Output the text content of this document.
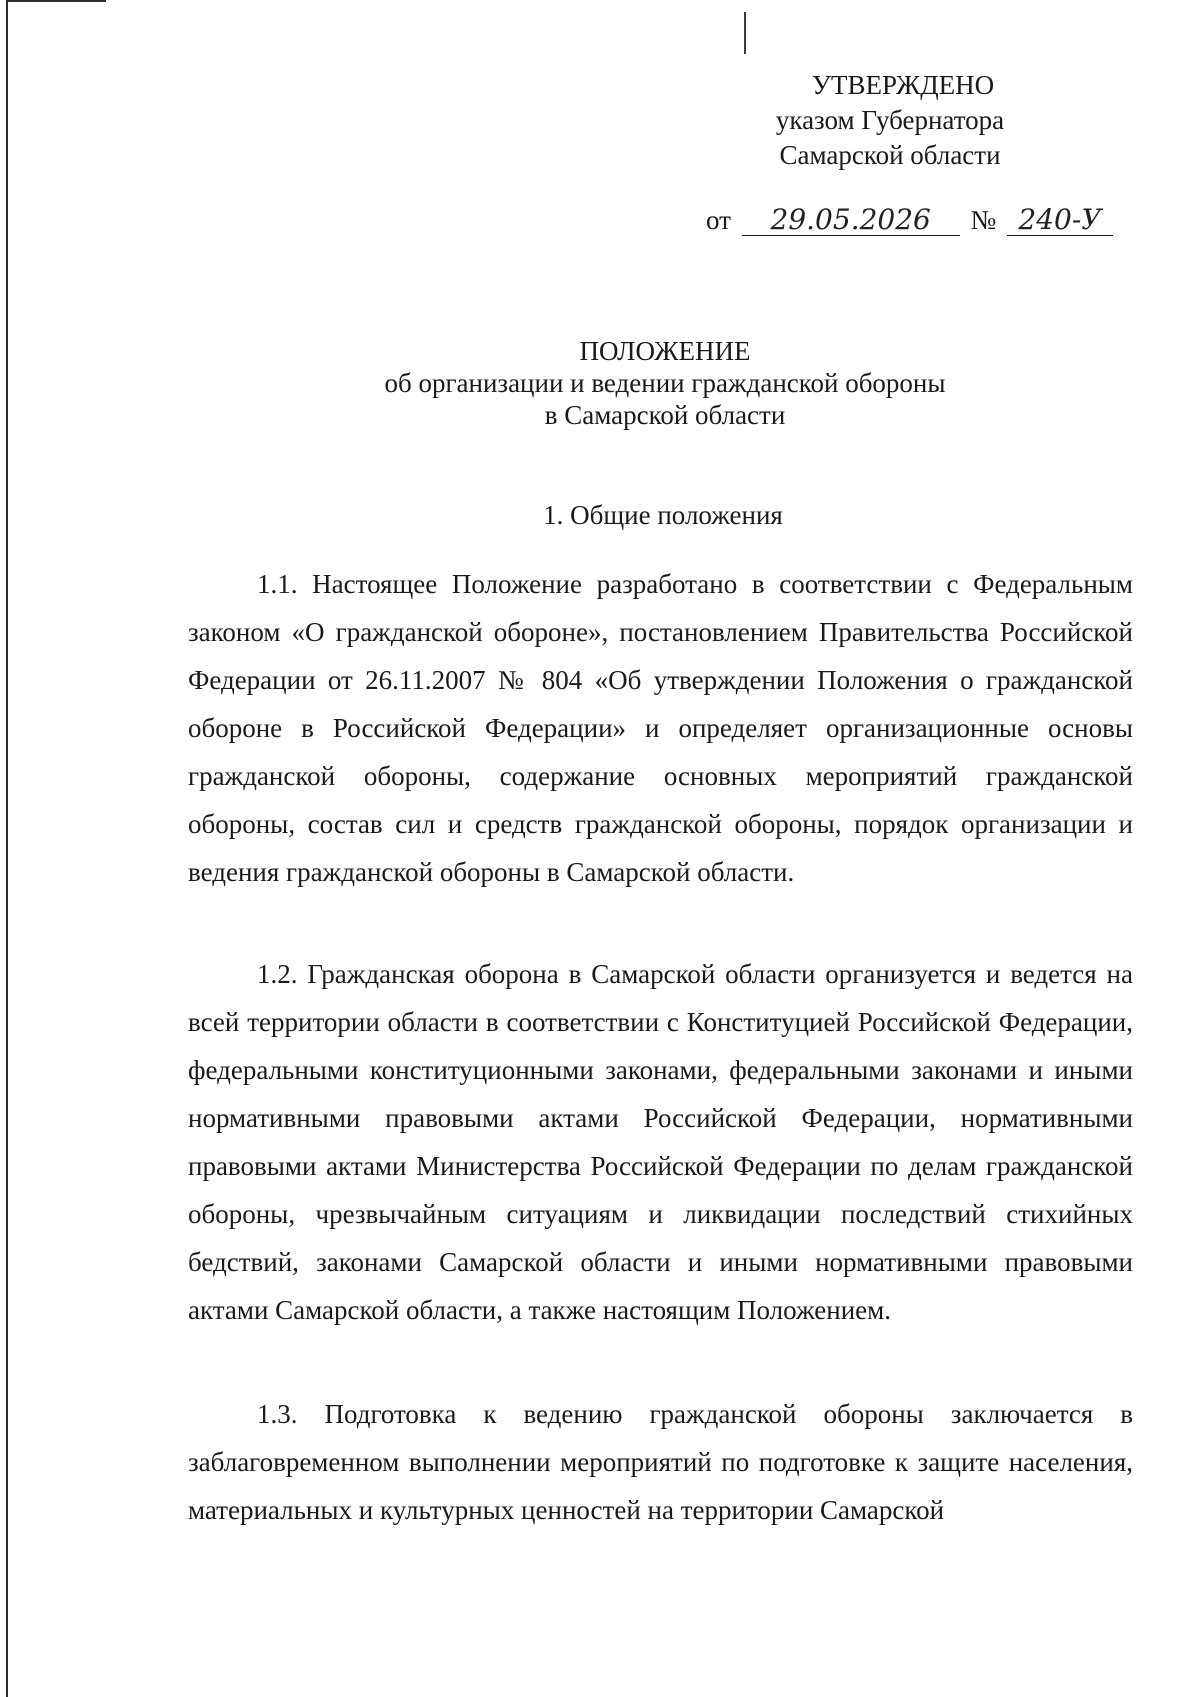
УТВЕРЖДЕНО
указом Губернатора
Самарской области
от 29.05.2026 № 240-У
ПОЛОЖЕНИЕ
об организации и ведении гражданской обороны
в Самарской области
1. Общие положения
1.1. Настоящее Положение разработано в соответствии с Федеральным законом «О гражданской обороне», постановлением Правительства Российской Федерации от 26.11.2007 № 804 «Об утверждении Положения о гражданской обороне в Российской Федерации» и определяет организационные основы гражданской обороны, содержание основных мероприятий гражданской обороны, состав сил и средств гражданской обороны, порядок организации и ведения гражданской обороны в Самарской области.
1.2. Гражданская оборона в Самарской области организуется и ведется на всей территории области в соответствии с Конституцией Российской Федерации, федеральными конституционными законами, федеральными законами и иными нормативными правовыми актами Российской Федерации, нормативными правовыми актами Министерства Российской Федерации по делам гражданской обороны, чрезвычайным ситуациям и ликвидации последствий стихийных бедствий, законами Самарской области и иными нормативными правовыми актами Самарской области, а также настоящим Положением.
1.3. Подготовка к ведению гражданской обороны заключается в заблаговременном выполнении мероприятий по подготовке к защите населения, материальных и культурных ценностей на территории Самарской
